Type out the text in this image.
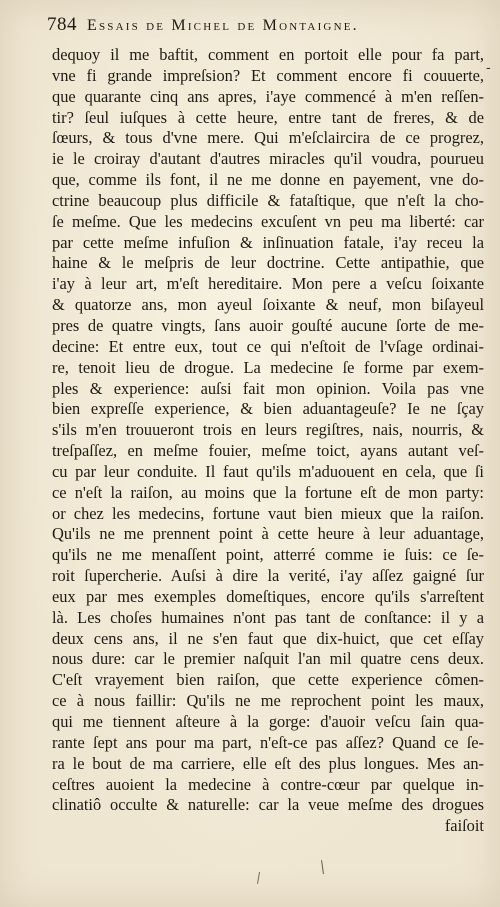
784 Essais de Michel de Montaigne.
dequoy il me baftit, comment en portoit elle pour fa part,
vne fi grande impreſsion? Et comment encore fi couuerte,
que quarante cinq ans apres, i'aye commencé à m'en reſſen-
tir? ſeul iuſques à cette heure, entre tant de freres, & de
ſœurs, & tous d'vne mere. Qui m'eſclaircira de ce progrez,
ie le croiray d'autant d'autres miracles qu'il voudra, pourueu
que, comme ils font, il ne me donne en payement, vne do-
ctrine beaucoup plus difficile & fataſtique, que n'eſt la cho-
ſe meſme. Que les medecins excuſent vn peu ma liberté: car
par cette meſme infuſion & inſinuation fatale, i'ay receu la
haine & le meſpris de leur doctrine. Cette antipathie, que
i'ay à leur art, m'eſt hereditaire. Mon pere a veſcu ſoixante
& quatorze ans, mon ayeul ſoixante & neuf, mon biſayeul
pres de quatre vingts, ſans auoir gouſté aucune ſorte de me-
decine: Et entre eux, tout ce qui n'eſtoit de l'vſage ordinai-
re, tenoit lieu de drogue. La medecine ſe forme par exem-
ples & experience: auſsi fait mon opinion. Voila pas vne
bien expreſſe experience, & bien aduantageuſe? Ie ne ſçay
s'ils m'en trouueront trois en leurs regiſtres, nais, nourris, &
treſpaſſez, en meſme fouier, meſme toict, ayans autant veſ-
cu par leur conduite. Il faut qu'ils m'aduouent en cela, que ſi
ce n'eſt la raiſon, au moins que la fortune eſt de mon party:
or chez les medecins, fortune vaut bien mieux que la raiſon.
Qu'ils ne me prennent point à cette heure à leur aduantage,
qu'ils ne me menaſſent point, atterré comme ie ſuis: ce ſe-
roit ſupercherie. Auſsi à dire la verité, i'ay aſſez gaigné ſur
eux par mes exemples domeſtiques, encore qu'ils s'arreſtent
là. Les choſes humaines n'ont pas tant de conſtance: il y a
deux cens ans, il ne s'en faut que dix-huict, que cet eſſay
nous dure: car le premier naſquit l'an mil quatre cens deux.
C'eſt vrayement bien raiſon, que cette experience cômen-
ce à nous faillir: Qu'ils ne me reprochent point les maux,
qui me tiennent aſteure à la gorge: d'auoir veſcu ſain qua-
rante ſept ans pour ma part, n'eſt-ce pas aſſez? Quand ce ſe-
ra le bout de ma carriere, elle eſt des plus longues. Mes an-
ceſtres auoient la medecine à contre-cœur par quelque in-
clinatiô occulte & naturelle: car la veue meſme des drogues
faiſoit
-
